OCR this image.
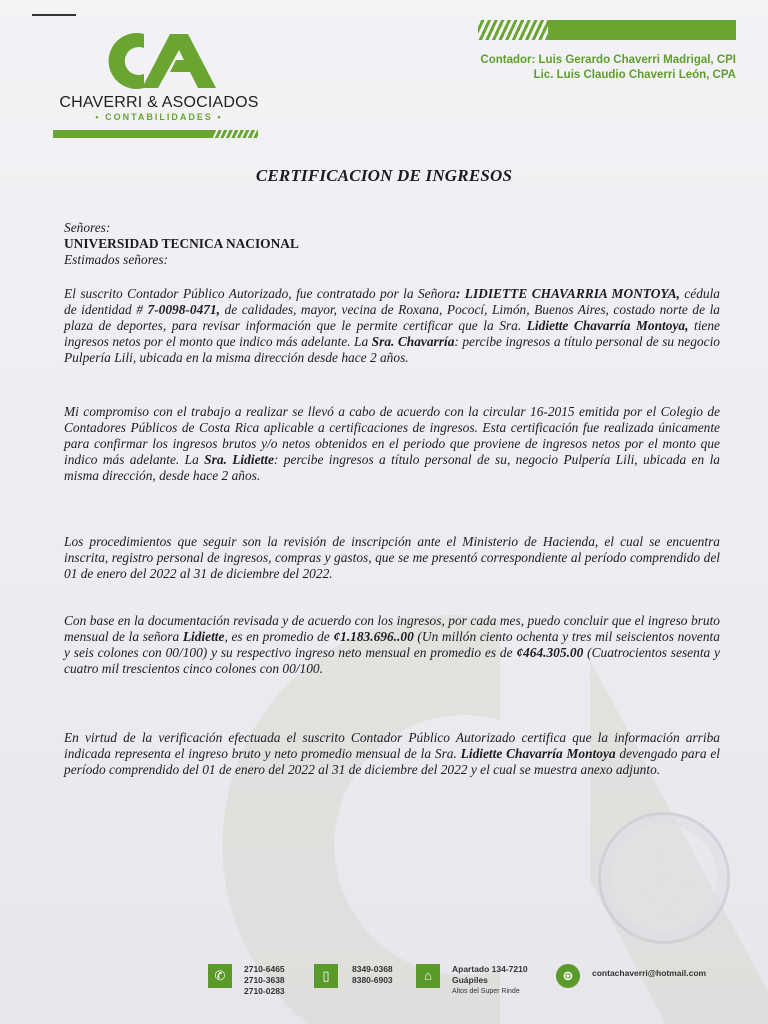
CHAVERRI & ASOCIADOS
• CONTABILIDADES •
Contador: Luis Gerardo Chaverri Madrigal, CPI
Lic. Luis Claudio Chaverri León, CPA
CERTIFICACION DE INGRESOS
Señores:
UNIVERSIDAD TECNICA NACIONAL
Estimados señores:

El suscrito Contador Público Autorizado, fue contratado por la Señora: LIDIETTE CHAVARRIA MONTOYA, cédula de identidad # 7-0098-0471, de calidades, mayor, vecina de Roxana, Pococí, Limón, Buenos Aires, costado norte de la plaza de deportes, para revisar información que le permite certificar que la Sra. Lidiette Chavarría Montoya, tiene ingresos netos por el monto que indico más adelante. La Sra. Chavarría: percibe ingresos a título personal de su negocio Pulpería Lili, ubicada en la misma dirección desde hace 2 años.

Mi compromiso con el trabajo a realizar se llevó a cabo de acuerdo con la circular 16-2015 emitida por el Colegio de Contadores Públicos de Costa Rica aplicable a certificaciones de ingresos. Esta certificación fue realizada únicamente para confirmar los ingresos brutos y/o netos obtenidos en el periodo que proviene de ingresos netos por el monto que indico más adelante. La Sra. Lidiette: percibe ingresos a título personal de su, negocio Pulpería Lili, ubicada en la misma dirección, desde hace 2 años.

Los procedimientos que seguir son la revisión de inscripción ante el Ministerio de Hacienda, el cual se encuentra inscrita, registro personal de ingresos, compras y gastos, que se me presentó correspondiente al período comprendido del 01 de enero del 2022 al 31 de diciembre del 2022.

Con base en la documentación revisada y de acuerdo con los ingresos, por cada mes, puedo concluir que el ingreso bruto mensual de la señora Lidiette, es en promedio de ¢1.183.696..00 (Un millón ciento ochenta y tres mil seiscientos noventa y seis colones con 00/100) y su respectivo ingreso neto mensual en promedio es de ¢464.305.00 (Cuatrocientos sesenta y cuatro mil trescientos cinco colones con 00/100.

En virtud de la verificación efectuada el suscrito Contador Público Autorizado certifica que la información arriba indicada representa el ingreso bruto y neto promedio mensual de la Sra. Lidiette Chavarría Montoya devengado para el período comprendido del 01 de enero del 2022 al 31 de diciembre del 2022 y el cual se muestra anexo adjunto.

✆	2710-6465
2710-3638
2710-0283
▯	8349-0368
8380-6903	⌂	Apartado 134-7210
Guápiles
Altos del Super Rinde
⊕	contachaverri@hotmail.com
